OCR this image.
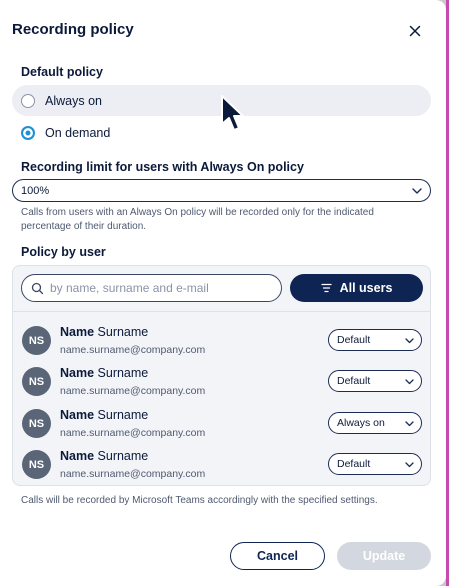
Recording policy
Default policy
Always on
On demand
Recording limit for users with Always On policy
100%
Calls from users with an Always On policy will be recorded only for the indicated percentage of their duration.
Policy by user
by name, surname and e-mail
All users
NS
Name Surname
name.surname@company.com
Default
NS
Name Surname
name.surname@company.com
Default
NS
Name Surname
name.surname@company.com
Always on
NS
Name Surname
name.surname@company.com
Default
Calls will be recorded by Microsoft Teams accordingly with the specified settings.
Cancel	Update
